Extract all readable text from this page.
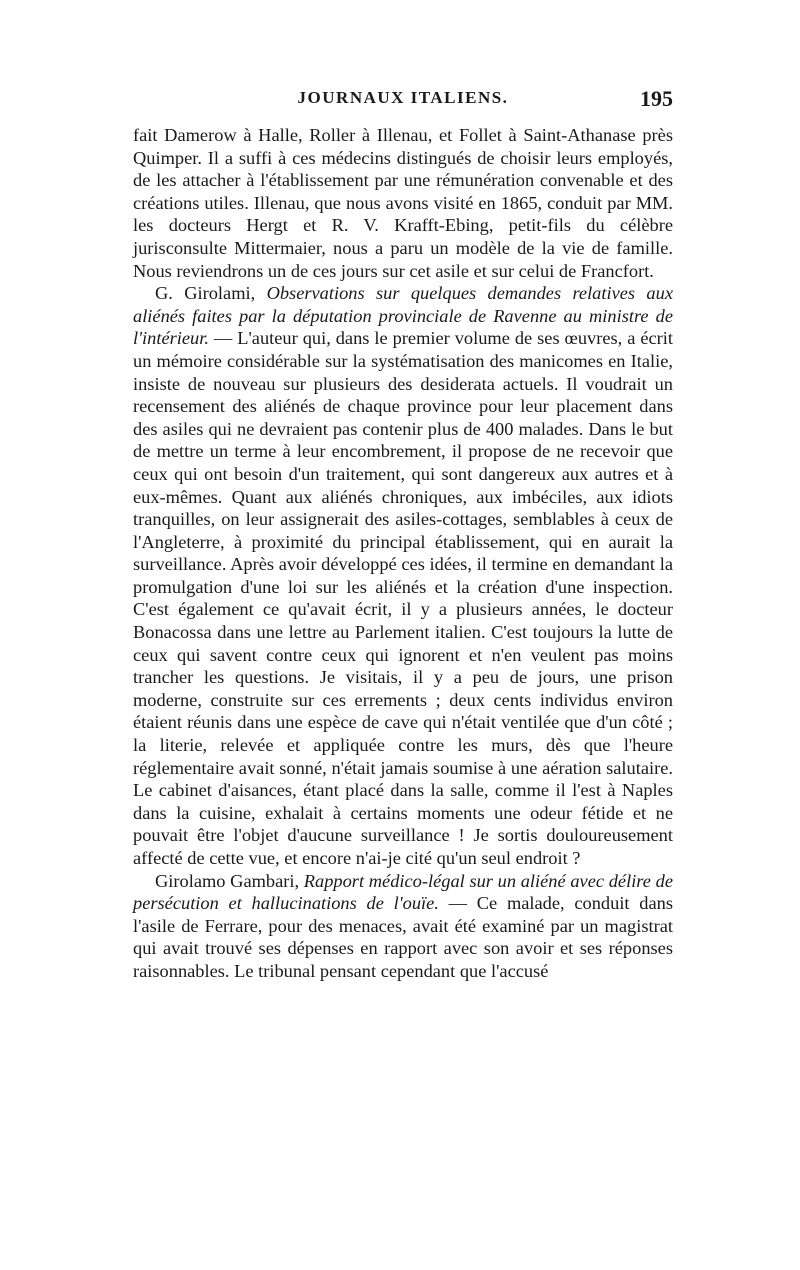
JOURNAUX ITALIENS.	195

fait Damerow à Halle, Roller à Illenau, et Follet à Saint-Athanase près Quimper. Il a suffi à ces médecins distingués de choisir leurs employés, de les attacher à l'établissement par une rémunération convenable et des créations utiles. Illenau, que nous avons visité en 1865, conduit par MM. les docteurs Hergt et R. V. Krafft-Ebing, petit-fils du célèbre jurisconsulte Mittermaier, nous a paru un modèle de la vie de famille. Nous reviendrons un de ces jours sur cet asile et sur celui de Francfort.

G. Girolami, Observations sur quelques demandes relatives aux aliénés faites par la députation provinciale de Ravenne au ministre de l'intérieur. — L'auteur qui, dans le premier volume de ses œuvres, a écrit un mémoire considérable sur la systématisation des manicomes en Italie, insiste de nouveau sur plusieurs des desiderata actuels. Il voudrait un recensement des aliénés de chaque province pour leur placement dans des asiles qui ne devraient pas contenir plus de 400 malades. Dans le but de mettre un terme à leur encombrement, il propose de ne recevoir que ceux qui ont besoin d'un traitement, qui sont dangereux aux autres et à eux-mêmes. Quant aux aliénés chroniques, aux imbéciles, aux idiots tranquilles, on leur assignerait des asiles-cottages, semblables à ceux de l'Angleterre, à proximité du principal établissement, qui en aurait la surveillance. Après avoir développé ces idées, il termine en demandant la promulgation d'une loi sur les aliénés et la création d'une inspection. C'est également ce qu'avait écrit, il y a plusieurs années, le docteur Bonacossa dans une lettre au Parlement italien. C'est toujours la lutte de ceux qui savent contre ceux qui ignorent et n'en veulent pas moins trancher les questions. Je visitais, il y a peu de jours, une prison moderne, construite sur ces errements ; deux cents individus environ étaient réunis dans une espèce de cave qui n'était ventilée que d'un côté ; la literie, relevée et appliquée contre les murs, dès que l'heure réglementaire avait sonné, n'était jamais soumise à une aération salutaire. Le cabinet d'aisances, étant placé dans la salle, comme il l'est à Naples dans la cuisine, exhalait à certains moments une odeur fétide et ne pouvait être l'objet d'aucune surveillance ! Je sortis douloureusement affecté de cette vue, et encore n'ai-je cité qu'un seul endroit ?

Girolamo Gambari, Rapport médico-légal sur un aliéné avec délire de persécution et hallucinations de l'ouïe. — Ce malade, conduit dans l'asile de Ferrare, pour des menaces, avait été examiné par un magistrat qui avait trouvé ses dépenses en rapport avec son avoir et ses réponses raisonnables. Le tribunal pensant cependant que l'accusé
